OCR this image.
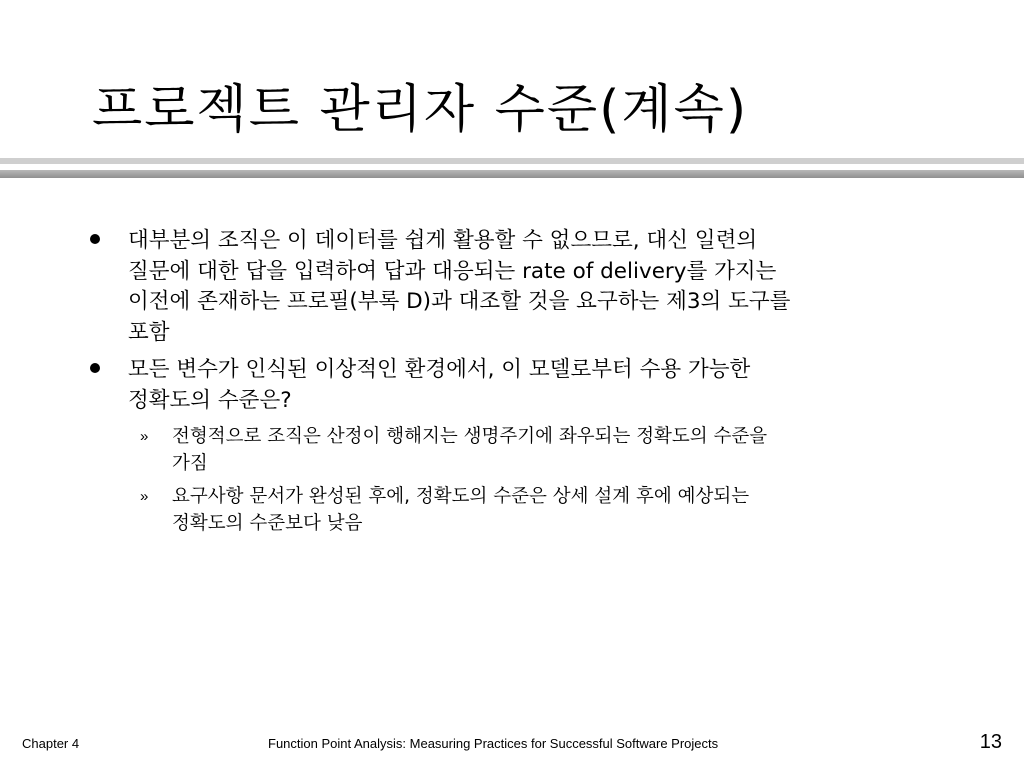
프로젝트 관리자 수준(계속)
대부분의 조직은 이 데이터를 쉽게 활용할 수 없으므로, 대신 일련의
질문에 대한 답을 입력하여 답과 대응되는 rate of delivery를 가지는
이전에 존재하는 프로필(부록 D)과 대조할 것을 요구하는 제3의 도구를
포함
모든 변수가 인식된 이상적인 환경에서, 이 모델로부터 수용 가능한
정확도의 수준은?
» 전형적으로 조직은 산정이 행해지는 생명주기에 좌우되는 정확도의 수준을
가짐
» 요구사항 문서가 완성된 후에, 정확도의 수준은 상세 설계 후에 예상되는
정확도의 수준보다 낮음
Chapter 4	Function Point Analysis: Measuring Practices for Successful Software Projects	13
